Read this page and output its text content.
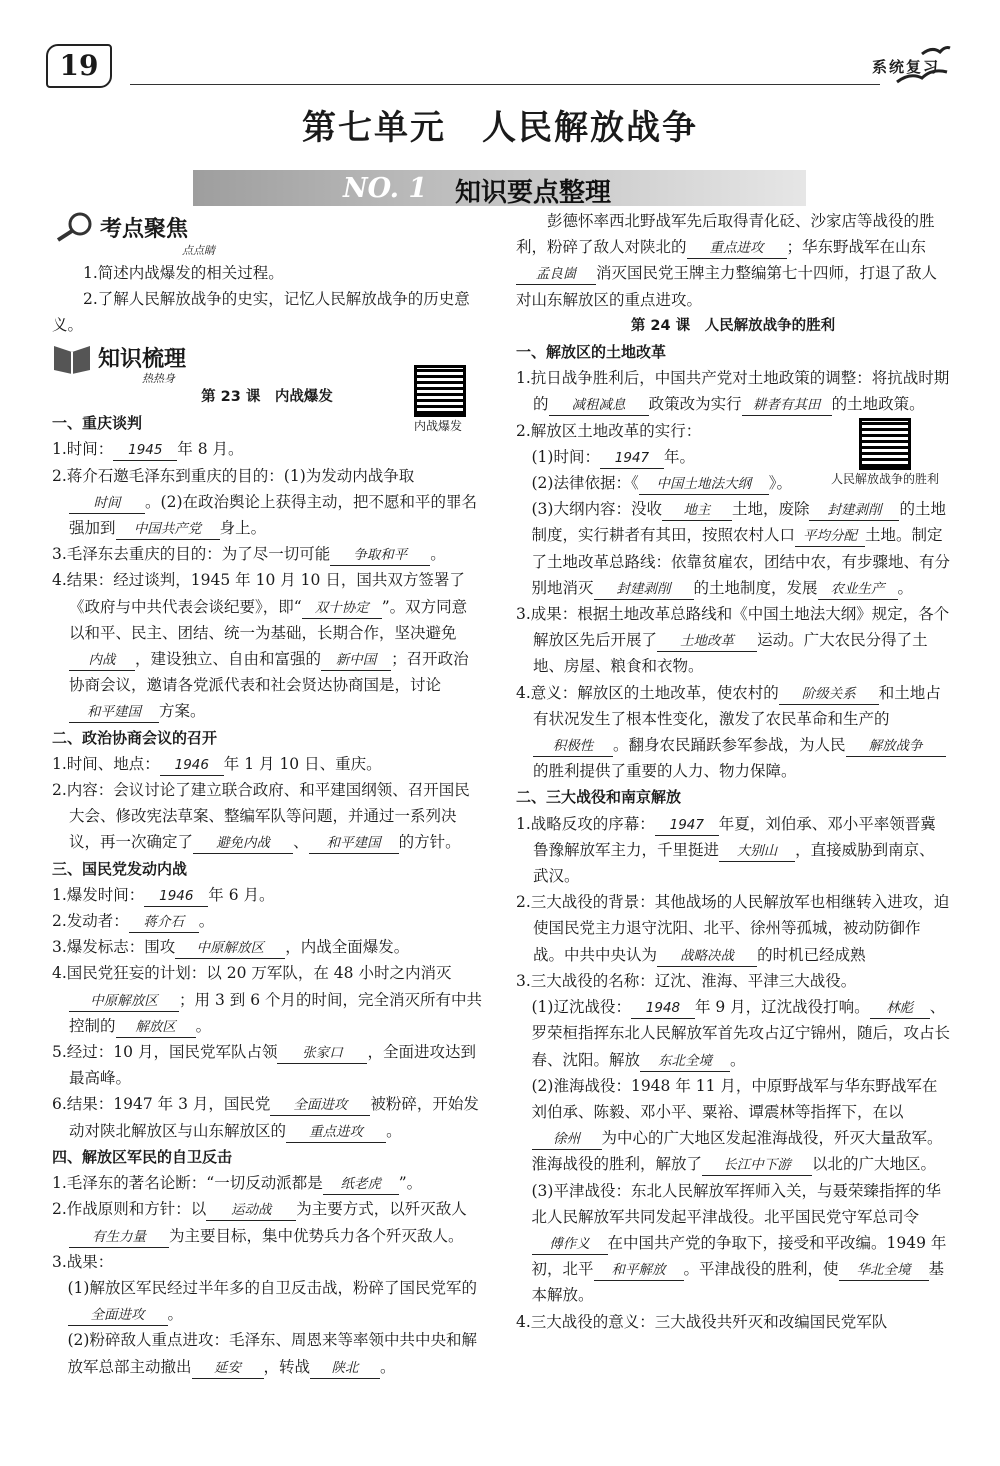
19	系统复习
第七单元　人民解放战争
NO. 1 知识要点整理
考点聚焦
点点睛

1.简述内战爆发的相关过程。

2.了解人民解放战争的史实，记忆人民解放战争的历史意义。

知识梳理
热热身
内战爆发

第 23 课　内战爆发

一、重庆谈判

1.时间： 1945 年 8 月。

2.蒋介石邀毛泽东到重庆的目的：(1)为发动内战争取时间 。(2)在政治舆论上获得主动，把不愿和平的罪名强加到 中国共产党 身上。

3.毛泽东去重庆的目的：为了尽一切可能 争取和平 。

4.结果：经过谈判，1945 年 10 月 10 日，国共双方签署了《政府与中共代表会谈纪要》，即“ 双十协定 ”。双方同意以和平、民主、团结、统一为基础，长期合作，坚决避免内战 ，建设独立、自由和富强的 新中国 ；召开政治协商会议，邀请各党派代表和社会贤达协商国是，讨论和平建国 方案。

二、政治协商会议的召开

1.时间、地点： 1946 年 1 月 10 日、重庆。

2.内容：会议讨论了建立联合政府、和平建国纲领、召开国民大会、修改宪法草案、整编军队等问题，并通过一系列决议，再一次确定了 避免内战 、 和平建国 的方针。

三、国民党发动内战

1.爆发时间： 1946 年 6 月。

2.发动者： 蒋介石 。

3.爆发标志：围攻 中原解放区 ，内战全面爆发。

4.国民党狂妄的计划：以 20 万军队，在 48 小时之内消灭中原解放区 ；用 3 到 6 个月的时间，完全消灭所有中共控制的 解放区 。

5.经过：10 月，国民党军队占领 张家口 ，全面进攻达到最高峰。

6.结果：1947 年 3 月，国民党 全面进攻 被粉碎，开始发动对陕北解放区与山东解放区的 重点进攻 。

四、解放区军民的自卫反击

1.毛泽东的著名论断：“一切反动派都是 纸老虎 ”。

2.作战原则和方针：以 运动战 为主要方式，以歼灭敌人有生力量 为主要目标，集中优势兵力各个歼灭敌人。

3.战果：

(1)解放区军民经过半年多的自卫反击战，粉碎了国民党军的全面进攻 。

(2)粉碎敌人重点进攻：毛泽东、周恩来等率领中共中央和解放军总部主动撤出 延安 ，转战 陕北 。

彭德怀率西北野战军先后取得青化砭、沙家店等战役的胜利，粉碎了敌人对陕北的 重点进攻 ；华东野战军在山东孟良崮 消灭国民党王牌主力整编第七十四师，打退了敌人对山东解放区的重点进攻。

第 24 课　人民解放战争的胜利

一、解放区的土地改革

1.抗日战争胜利后，中国共产党对土地政策的调整：将抗战时期的 减租减息 政策改为实行 耕者有其田 的土地政策。

2.解放区土地改革的实行：

(1)时间： 1947 年。

(2)法律依据：《 中国土地法大纲 》。

(3)大纲内容：没收 地主 土地，废除 封建剥削 的土地制度，实行耕者有其田，按照农村人口 平均分配 土地。制定了土地改革总路线：依靠贫雇农，团结中农，有步骤地、有分别地消灭 封建剥削 的土地制度，发展 农业生产 。

3.成果：根据土地改革总路线和《中国土地法大纲》规定，各个解放区先后开展了 土地改革 运动。广大农民分得了土地、房屋、粮食和衣物。

4.意义：解放区的土地改革，使农村的 阶级关系 和土地占有状况发生了根本性变化，激发了农民革命和生产的积极性 。翻身农民踊跃参军参战，为人民 解放战争的胜利提供了重要的人力、物力保障。

二、三大战役和南京解放

1.战略反攻的序幕： 1947 年夏，刘伯承、邓小平率领晋冀鲁豫解放军主力，千里挺进 大别山 ，直接威胁到南京、武汉。

2.三大战役的背景：其他战场的人民解放军也相继转入进攻，迫使国民党主力退守沈阳、北平、徐州等孤城，被动防御作战。中共中央认为 战略决战 的时机已经成熟

3.三大战役的名称：辽沈、淮海、平津三大战役。

(1)辽沈战役： 1948 年 9 月，辽沈战役打响。 林彪 、罗荣桓指挥东北人民解放军首先攻占辽宁锦州，随后，攻占长春、沈阳。解放 东北全境 。

(2)淮海战役：1948 年 11 月，中原野战军与华东野战军在刘伯承、陈毅、邓小平、粟裕、谭震林等指挥下，在以徐州 为中心的广大地区发起淮海战役，歼灭大量敌军。淮海战役的胜利，解放了 长江中下游 以北的广大地区。

(3)平津战役：东北人民解放军挥师入关，与聂荣臻指挥的华北人民解放军共同发起平津战役。北平国民党守军总司令傅作义 在中国共产党的争取下，接受和平改编。1949 年初，北平 和平解放 。平津战役的胜利，使 华北全境 基本解放。

4.三大战役的意义：三大战役共歼灭和改编国民党军队

人民解放战争的胜利
